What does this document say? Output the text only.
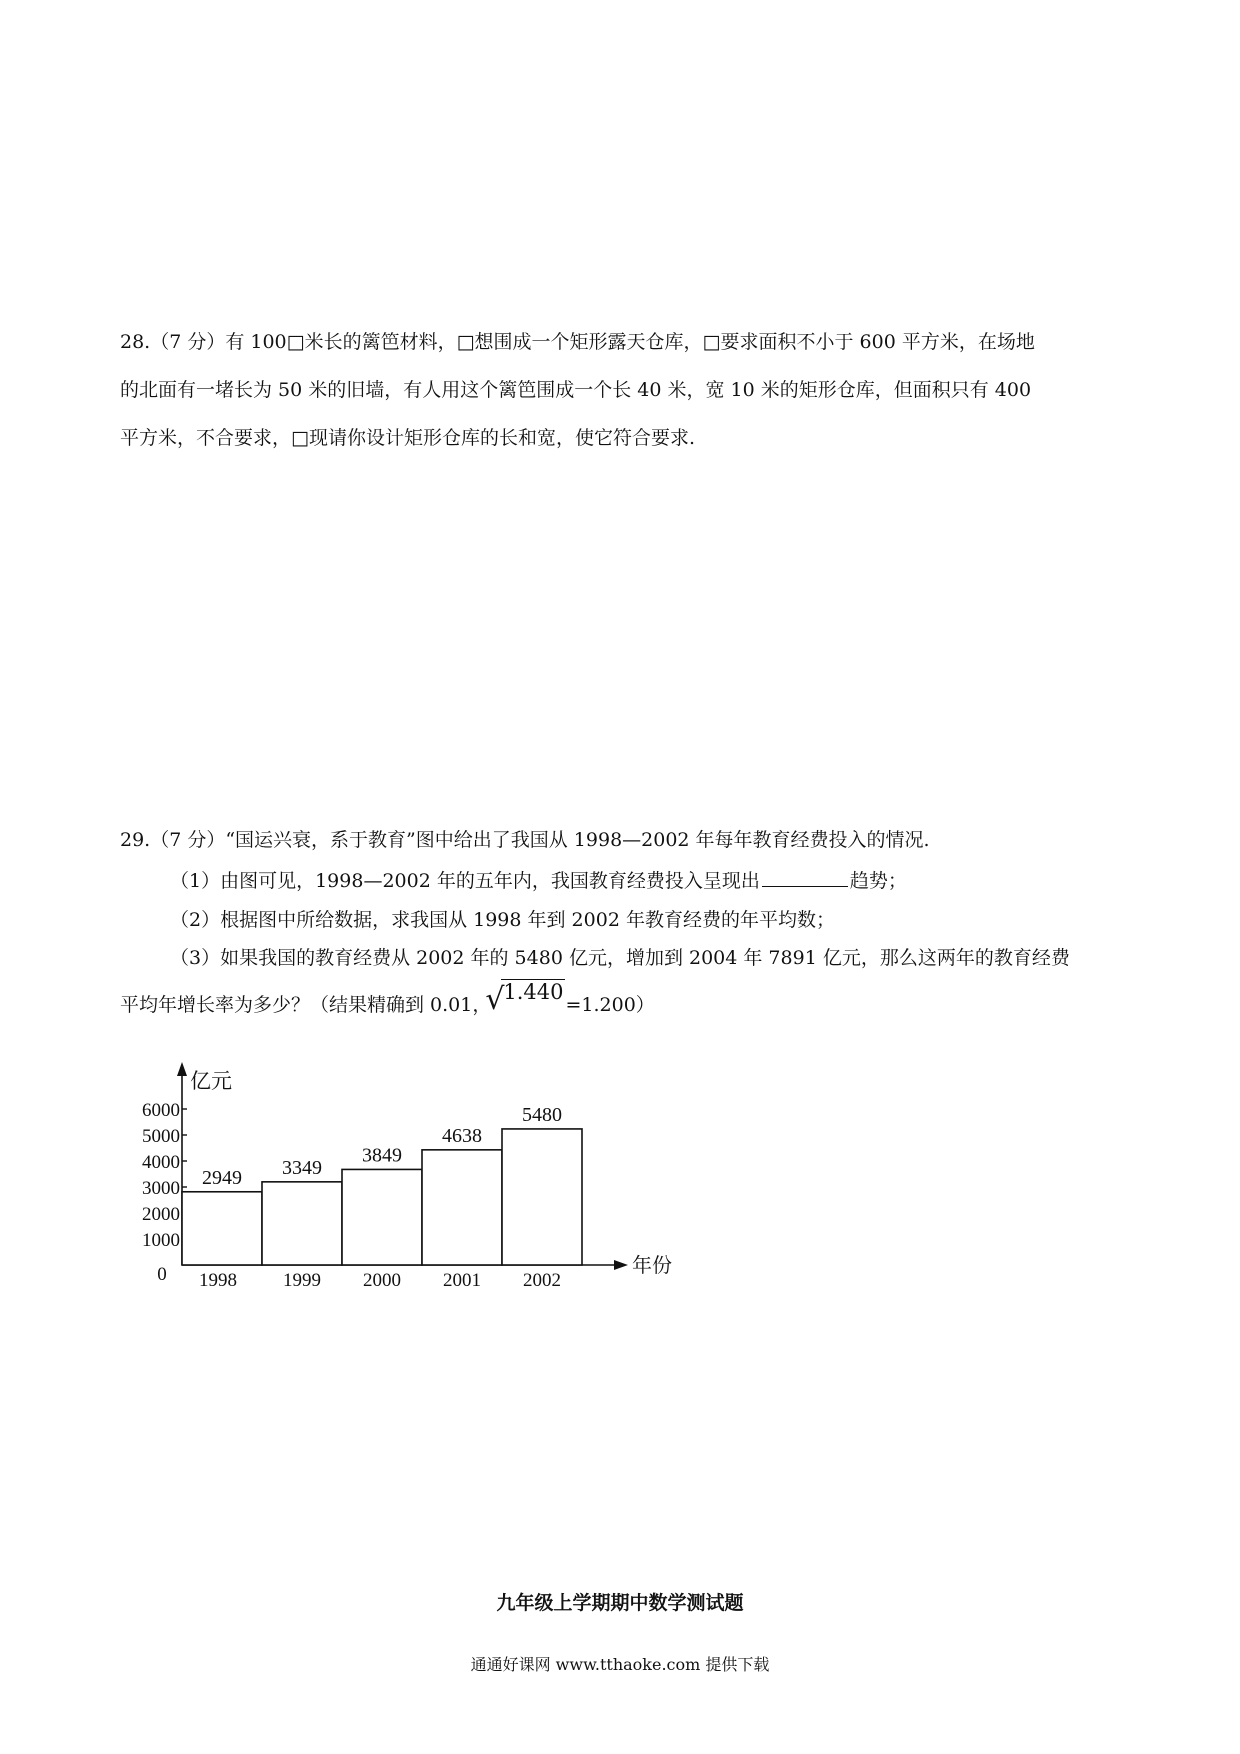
28.（7 分）有 100□米长的篱笆材料，□想围成一个矩形露天仓库，□要求面积不小于 600 平方米，在场地
的北面有一堵长为 50 米的旧墙，有人用这个篱笆围成一个长 40 米，宽 10 米的矩形仓库，但面积只有 400
平方米，不合要求，□现请你设计矩形仓库的长和宽，使它符合要求.
29.（7 分）“国运兴衰，系于教育”图中给出了我国从 1998—2002 年每年教育经费投入的情况.
（1）由图可见，1998—2002 年的五年内，我国教育经费投入呈现出	趋势；
（2）根据图中所给数据，求我国从 1998 年到 2002 年教育经费的年平均数；
（3）如果我国的教育经费从 2002 年的 5480 亿元，增加到 2004 年 7891 亿元，那么这两年的教育经费
平均年增长率为多少？（结果精确到 0.01，
√
1.440=1.200）
1000
2000
3000
4000
5000
6000
0
亿元
年份
2949
1998
3349
1999
3849
2000
4638
2001
5480
2002
九年级上学期期中数学测试题
通通好课网 www.tthaoke.com 提供下载
